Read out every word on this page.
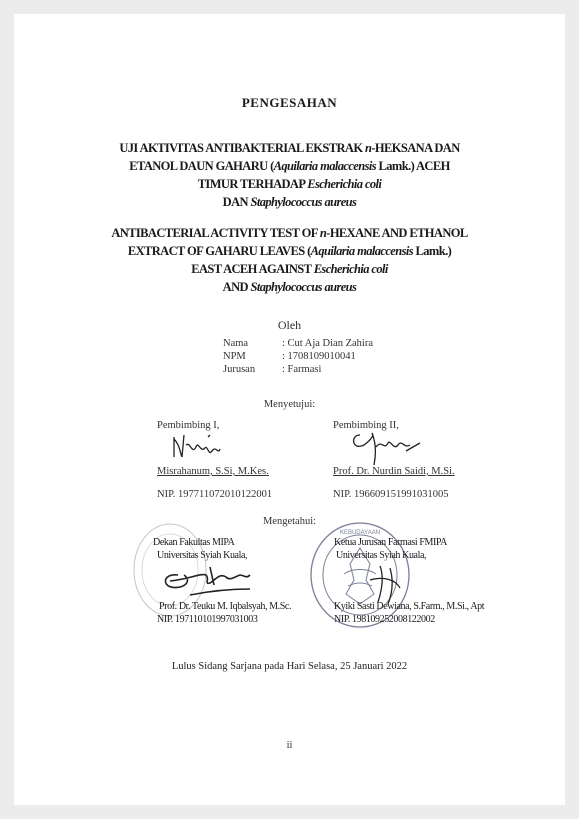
PENGESAHAN
UJI AKTIVITAS ANTIBAKTERIAL EKSTRAK n-HEKSANA DAN
ETANOL DAUN GAHARU (Aquilaria malaccensis Lamk.) ACEH
TIMUR TERHADAP Escherichia coli
DAN Staphylococcus aureus
ANTIBACTERIAL ACTIVITY TEST OF n-HEXANE AND ETHANOL
EXTRACT OF GAHARU LEAVES (Aquilaria malaccensis Lamk.)
EAST ACEH AGAINST Escherichia coli
AND Staphylococcus aureus
Oleh
Nama	: Cut Aja Dian Zahira
NPM	: 1708109010041
Jurusan	: Farmasi
Menyetujui:
Pembimbing I,
Misrahanum, S.Si, M.Kes.
NIP. 197711072010122001
Pembimbing II,
Prof. Dr. Nurdin Saidi, M.Si.
NIP. 196609151991031005
Mengetahui:
Dekan Fakultas MIPA
Universitas Syiah Kuala,
Prof. Dr. Teuku M. Iqbalsyah, M.Sc.
NIP. 197110101997031003
KEBUDAYAAN
Ketua Jurusan Farmasi FMIPA
Universitas Syiah Kuala,
Kyiki Sasti Dewiana, S.Farm., M.Si., Apt
NIP. 198109252008122002
Lulus Sidang Sarjana pada Hari Selasa, 25 Januari 2022
ii
